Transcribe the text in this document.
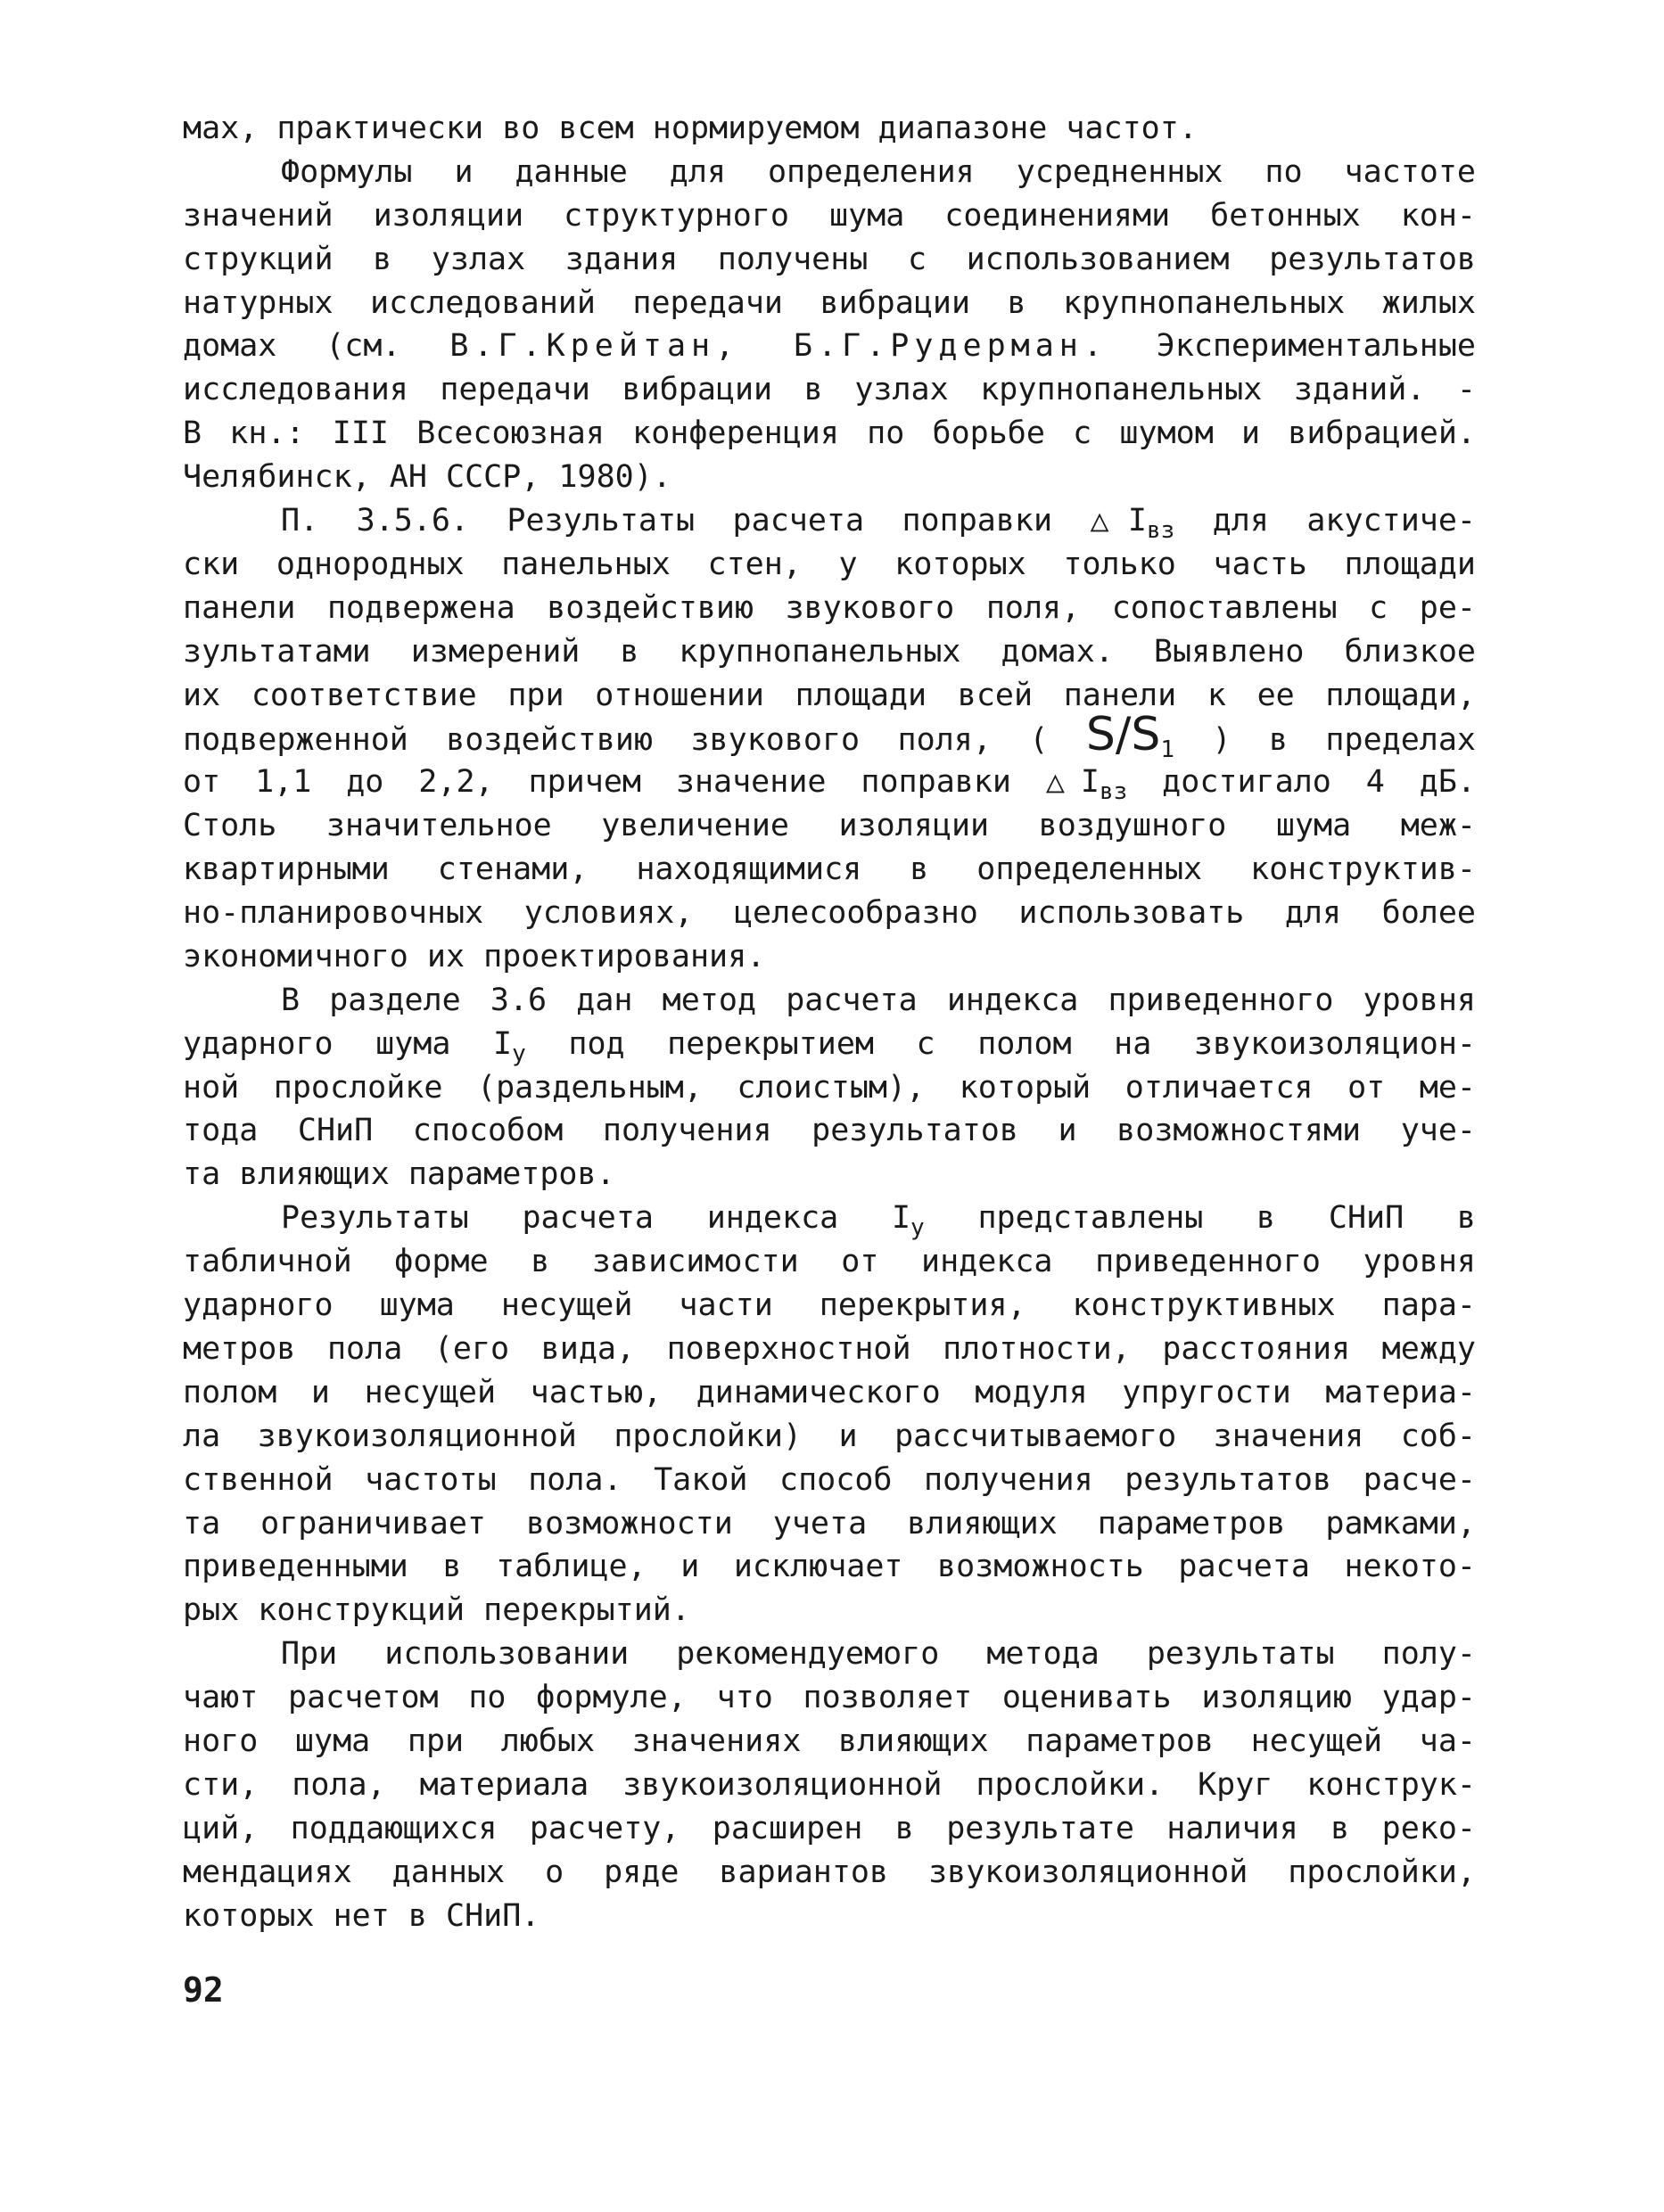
мах, практически во всем нормируемом диапазоне частот.
Формулы и данные для определения усредненных по частоте
значений изоляции структурного шума соединениями бетонных кон-
струкций в узлах здания получены с использованием результатов
натурных исследований передачи вибрации в крупнопанельных жилых
домах (см. В.Г.Крейтан, Б.Г.Рудерман. Экспериментальные
исследования передачи вибрации в узлах крупнопанельных зданий. -
В кн.: III Всесоюзная конференция по борьбе с шумом и вибрацией.
Челябинск, АН СССР, 1980).
П. 3.5.6. Результаты расчета поправки $\triangle I_{вз}$ для акустиче-
ски однородных панельных стен, у которых только часть площади
панели подвержена воздействию звукового поля, сопоставлены с ре-
зультатами измерений в крупнопанельных домах. Выявлено близкое
их соответствие при отношении площади всей панели к ее площади,
подверженной воздействию звукового поля, ( $S/S_1$ ) в пределах
от 1,1 до 2,2, причем значение поправки $\triangle I_{вз}$ достигало 4 дБ.
Столь значительное увеличение изоляции воздушного шума меж-
квартирными стенами, находящимися в определенных конструктив-
но-планировочных условиях, целесообразно использовать для более
экономичного их проектирования.
В разделе 3.6 дан метод расчета индекса приведенного уровня
ударного шума $I_у$ под перекрытием с полом на звукоизоляцион-
ной прослойке (раздельным, слоистым), который отличается от ме-
тода СНиП способом получения результатов и возможностями уче-
та влияющих параметров.
Результаты расчета индекса $I_у$ представлены в СНиП в
табличной форме в зависимости от индекса приведенного уровня
ударного шума несущей части перекрытия, конструктивных пара-
метров пола (его вида, поверхностной плотности, расстояния между
полом и несущей частью, динамического модуля упругости материа-
ла звукоизоляционной прослойки) и рассчитываемого значения соб-
ственной частоты пола. Такой способ получения результатов расче-
та ограничивает возможности учета влияющих параметров рамками,
приведенными в таблице, и исключает возможность расчета некото-
рых конструкций перекрытий.
При использовании рекомендуемого метода результаты полу-
чают расчетом по формуле, что позволяет оценивать изоляцию удар-
ного шума при любых значениях влияющих параметров несущей ча-
сти, пола, материала звукоизоляционной прослойки. Круг конструк-
ций, поддающихся расчету, расширен в результате наличия в реко-
мендациях данных о ряде вариантов звукоизоляционной прослойки,
которых нет в СНиП.
92
